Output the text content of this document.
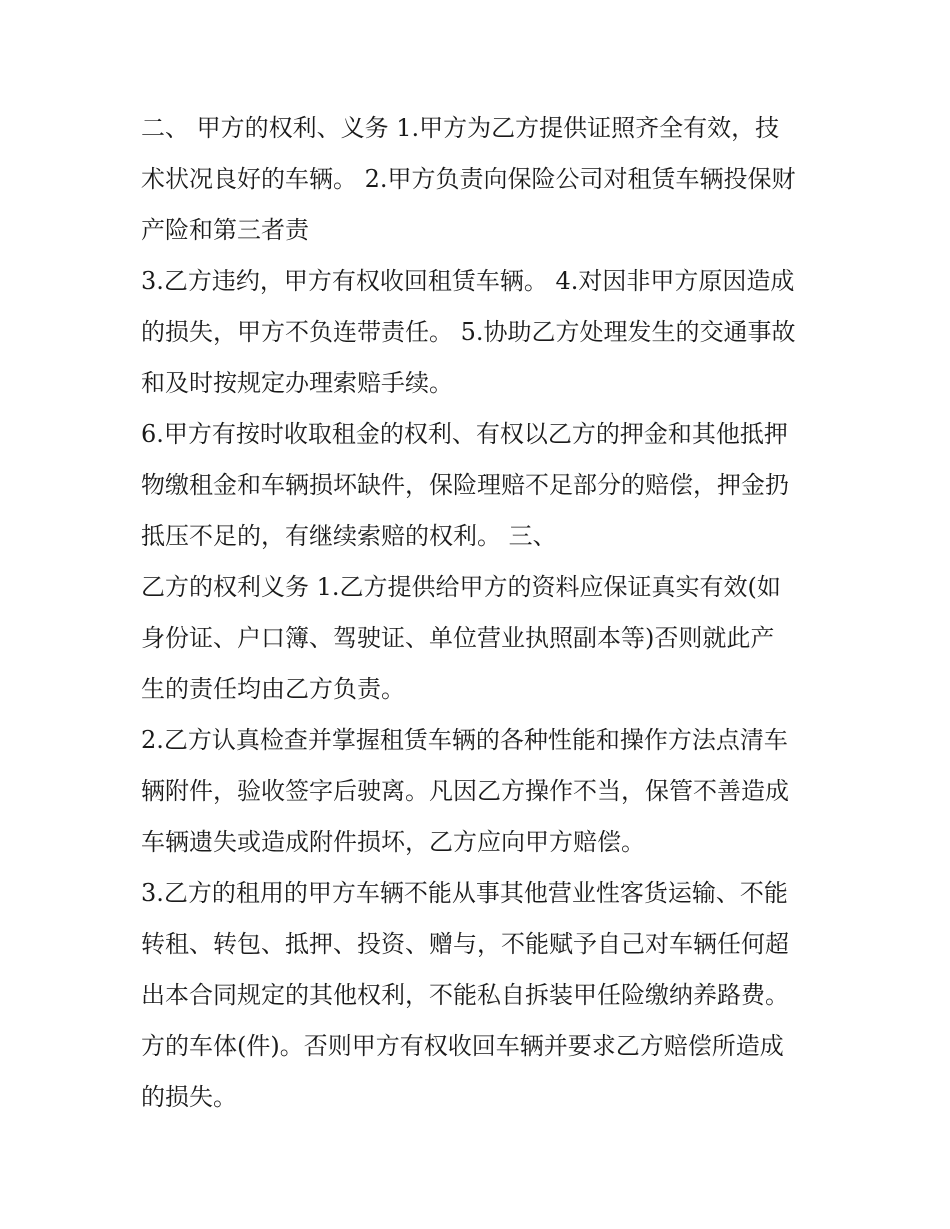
二、 甲方的权利、义务 1.甲方为乙方提供证照齐全有效，技
术状况良好的车辆。 2.甲方负责向保险公司对租赁车辆投保财
产险和第三者责
3.乙方违约，甲方有权收回租赁车辆。 4.对因非甲方原因造成
的损失，甲方不负连带责任。 5.协助乙方处理发生的交通事故
和及时按规定办理索赔手续。
6.甲方有按时收取租金的权利、有权以乙方的押金和其他抵押
物缴租金和车辆损坏缺件，保险理赔不足部分的赔偿，押金扔
抵压不足的，有继续索赔的权利。 三、
乙方的权利义务 1.乙方提供给甲方的资料应保证真实有效(如
身份证、户口簿、驾驶证、单位营业执照副本等)否则就此产
生的责任均由乙方负责。
2.乙方认真检查并掌握租赁车辆的各种性能和操作方法点清车
辆附件，验收签字后驶离。凡因乙方操作不当，保管不善造成
车辆遗失或造成附件损坏，乙方应向甲方赔偿。
3.乙方的租用的甲方车辆不能从事其他营业性客货运输、不能
转租、转包、抵押、投资、赠与，不能赋予自己对车辆任何超
出本合同规定的其他权利，不能私自拆装甲任险缴纳养路费。
方的车体(件)。否则甲方有权收回车辆并要求乙方赔偿所造成
的损失。
